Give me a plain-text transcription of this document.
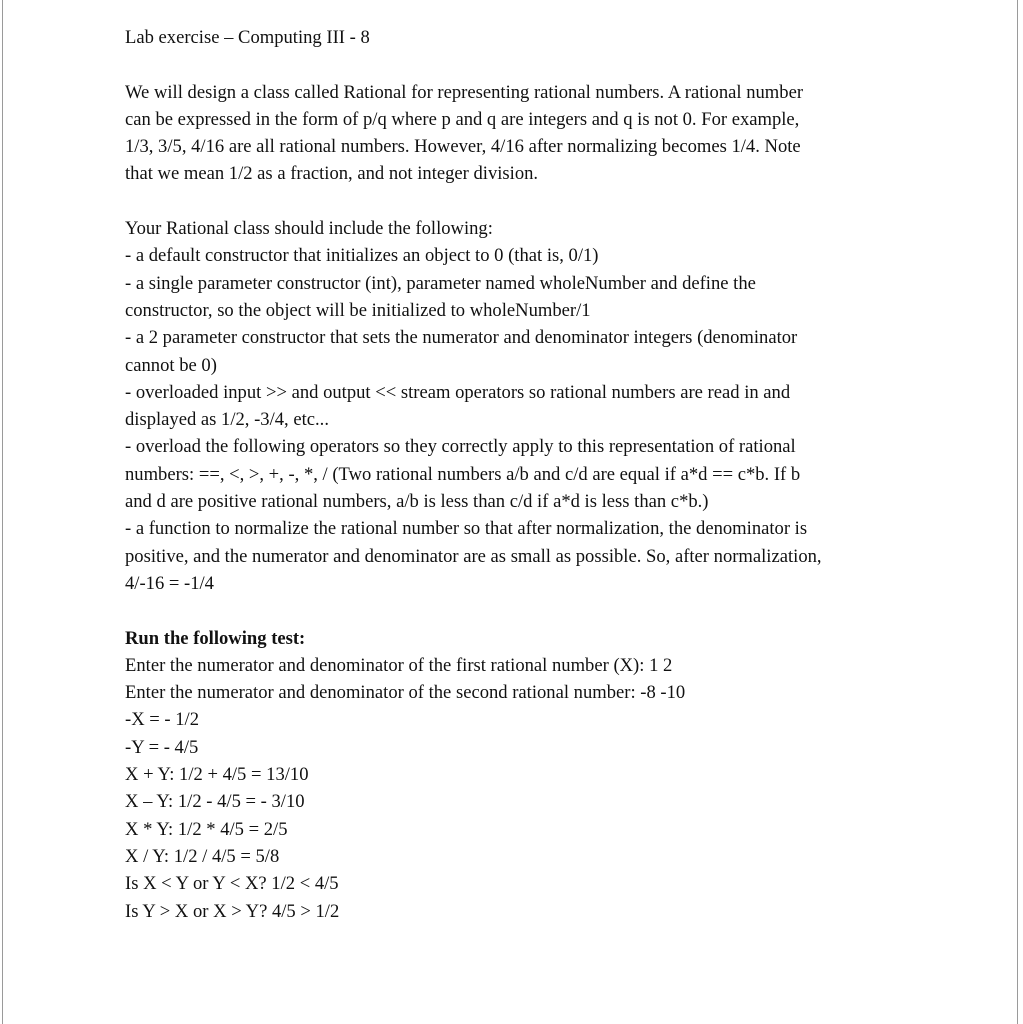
Lab exercise – Computing III - 8
We will design a class called Rational for representing rational numbers. A rational number
can be expressed in the form of p/q where p and q are integers and q is not 0. For example,
1/3, 3/5, 4/16 are all rational numbers. However, 4/16 after normalizing becomes 1/4. Note
that we mean 1/2 as a fraction, and not integer division.
Your Rational class should include the following:
- a default constructor that initializes an object to 0 (that is, 0/1)
- a single parameter constructor (int), parameter named wholeNumber and define the
constructor, so the object will be initialized to wholeNumber/1
- a 2 parameter constructor that sets the numerator and denominator integers (denominator
cannot be 0)
- overloaded input >> and output << stream operators so rational numbers are read in and
displayed as 1/2, -3/4, etc...
- overload the following operators so they correctly apply to this representation of rational
numbers: ==, <, >, +, -, *, / (Two rational numbers a/b and c/d are equal if a*d == c*b. If b
and d are positive rational numbers, a/b is less than c/d if a*d is less than c*b.)
- a function to normalize the rational number so that after normalization, the denominator is
positive, and the numerator and denominator are as small as possible. So, after normalization,
4/-16 = -1/4
Run the following test:
Enter the numerator and denominator of the first rational number (X): 1 2
Enter the numerator and denominator of the second rational number: -8 -10
-X = - 1/2
-Y = - 4/5
X + Y: 1/2 + 4/5 = 13/10
X – Y: 1/2 - 4/5 = - 3/10
X * Y: 1/2 * 4/5 = 2/5
X / Y: 1/2 / 4/5 = 5/8
Is X < Y or Y < X? 1/2 < 4/5
Is Y > X or X > Y? 4/5 > 1/2
